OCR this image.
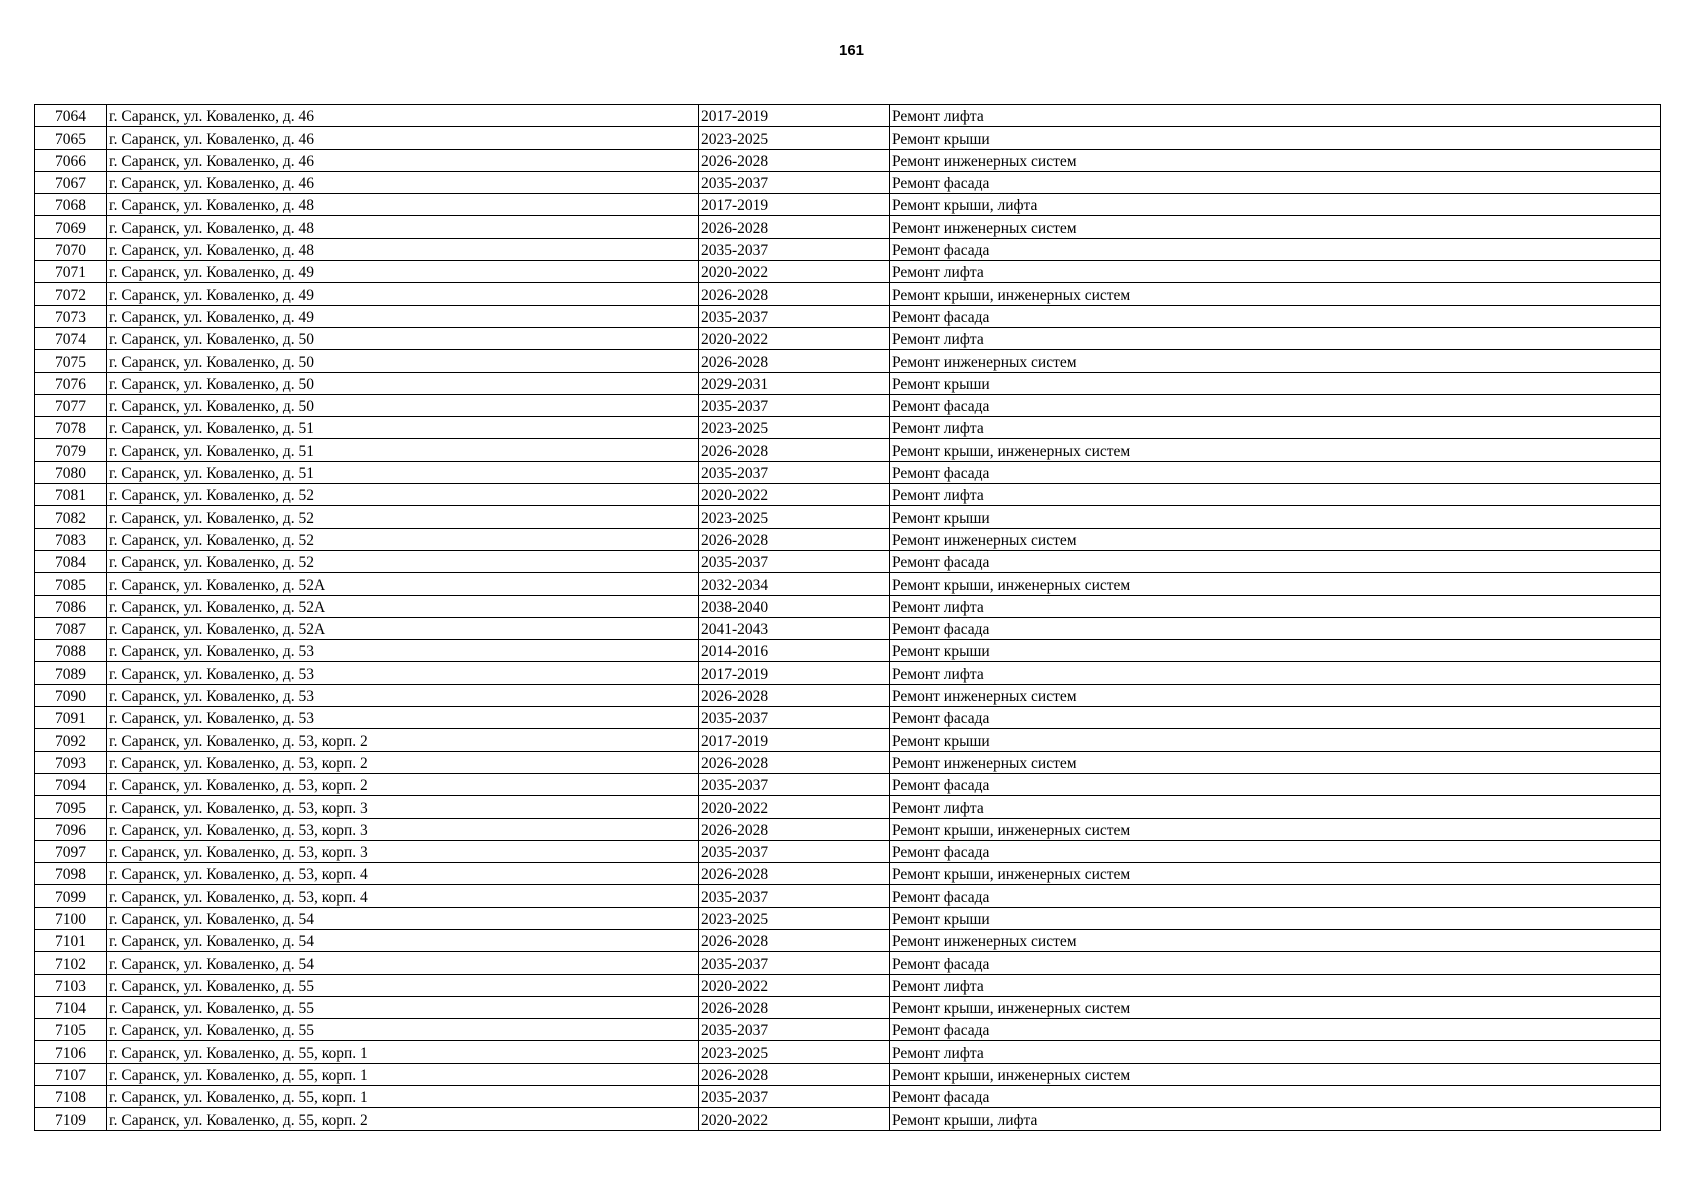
161
7064	г. Саранск, ул. Коваленко, д. 46	2017-2019	Ремонт лифта
7065	г. Саранск, ул. Коваленко, д. 46	2023-2025	Ремонт крыши
7066	г. Саранск, ул. Коваленко, д. 46	2026-2028	Ремонт инженерных систем
7067	г. Саранск, ул. Коваленко, д. 46	2035-2037	Ремонт фасада
7068	г. Саранск, ул. Коваленко, д. 48	2017-2019	Ремонт крыши, лифта
7069	г. Саранск, ул. Коваленко, д. 48	2026-2028	Ремонт инженерных систем
7070	г. Саранск, ул. Коваленко, д. 48	2035-2037	Ремонт фасада
7071	г. Саранск, ул. Коваленко, д. 49	2020-2022	Ремонт лифта
7072	г. Саранск, ул. Коваленко, д. 49	2026-2028	Ремонт крыши, инженерных систем
7073	г. Саранск, ул. Коваленко, д. 49	2035-2037	Ремонт фасада
7074	г. Саранск, ул. Коваленко, д. 50	2020-2022	Ремонт лифта
7075	г. Саранск, ул. Коваленко, д. 50	2026-2028	Ремонт инженерных систем
7076	г. Саранск, ул. Коваленко, д. 50	2029-2031	Ремонт крыши
7077	г. Саранск, ул. Коваленко, д. 50	2035-2037	Ремонт фасада
7078	г. Саранск, ул. Коваленко, д. 51	2023-2025	Ремонт лифта
7079	г. Саранск, ул. Коваленко, д. 51	2026-2028	Ремонт крыши, инженерных систем
7080	г. Саранск, ул. Коваленко, д. 51	2035-2037	Ремонт фасада
7081	г. Саранск, ул. Коваленко, д. 52	2020-2022	Ремонт лифта
7082	г. Саранск, ул. Коваленко, д. 52	2023-2025	Ремонт крыши
7083	г. Саранск, ул. Коваленко, д. 52	2026-2028	Ремонт инженерных систем
7084	г. Саранск, ул. Коваленко, д. 52	2035-2037	Ремонт фасада
7085	г. Саранск, ул. Коваленко, д. 52А	2032-2034	Ремонт крыши, инженерных систем
7086	г. Саранск, ул. Коваленко, д. 52А	2038-2040	Ремонт лифта
7087	г. Саранск, ул. Коваленко, д. 52А	2041-2043	Ремонт фасада
7088	г. Саранск, ул. Коваленко, д. 53	2014-2016	Ремонт крыши
7089	г. Саранск, ул. Коваленко, д. 53	2017-2019	Ремонт лифта
7090	г. Саранск, ул. Коваленко, д. 53	2026-2028	Ремонт инженерных систем
7091	г. Саранск, ул. Коваленко, д. 53	2035-2037	Ремонт фасада
7092	г. Саранск, ул. Коваленко, д. 53, корп. 2	2017-2019	Ремонт крыши
7093	г. Саранск, ул. Коваленко, д. 53, корп. 2	2026-2028	Ремонт инженерных систем
7094	г. Саранск, ул. Коваленко, д. 53, корп. 2	2035-2037	Ремонт фасада
7095	г. Саранск, ул. Коваленко, д. 53, корп. 3	2020-2022	Ремонт лифта
7096	г. Саранск, ул. Коваленко, д. 53, корп. 3	2026-2028	Ремонт крыши, инженерных систем
7097	г. Саранск, ул. Коваленко, д. 53, корп. 3	2035-2037	Ремонт фасада
7098	г. Саранск, ул. Коваленко, д. 53, корп. 4	2026-2028	Ремонт крыши, инженерных систем
7099	г. Саранск, ул. Коваленко, д. 53, корп. 4	2035-2037	Ремонт фасада
7100	г. Саранск, ул. Коваленко, д. 54	2023-2025	Ремонт крыши
7101	г. Саранск, ул. Коваленко, д. 54	2026-2028	Ремонт инженерных систем
7102	г. Саранск, ул. Коваленко, д. 54	2035-2037	Ремонт фасада
7103	г. Саранск, ул. Коваленко, д. 55	2020-2022	Ремонт лифта
7104	г. Саранск, ул. Коваленко, д. 55	2026-2028	Ремонт крыши, инженерных систем
7105	г. Саранск, ул. Коваленко, д. 55	2035-2037	Ремонт фасада
7106	г. Саранск, ул. Коваленко, д. 55, корп. 1	2023-2025	Ремонт лифта
7107	г. Саранск, ул. Коваленко, д. 55, корп. 1	2026-2028	Ремонт крыши, инженерных систем
7108	г. Саранск, ул. Коваленко, д. 55, корп. 1	2035-2037	Ремонт фасада
7109	г. Саранск, ул. Коваленко, д. 55, корп. 2	2020-2022	Ремонт крыши, лифта
